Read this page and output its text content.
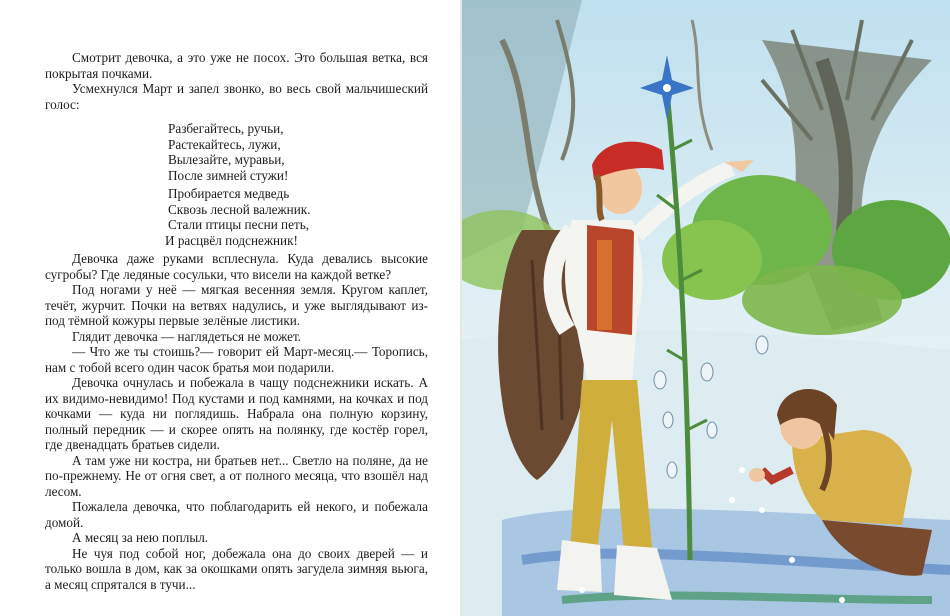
Смотрит девочка, а это уже не посох. Это большая ветка, вся покрытая почками.

Усмехнулся Март и запел звонко, во весь свой мальчишеский голос:

Разбегайтесь, ручьи,
Растекайтесь, лужи,
Вылезайте, муравьи,
После зимней стужи!
Пробирается медведь
Сквозь лесной валежник.
Стали птицы песни петь,
И расцвёл подснежник!

Девочка даже руками всплеснула. Куда девались высокие сугробы? Где ледяные сосульки, что висели на каждой ветке?

Под ногами у неё — мягкая весенняя земля. Кругом каплет, течёт, журчит. Почки на ветвях надулись, и уже выглядывают из-под тёмной кожуры первые зелёные листики.

Глядит девочка — наглядеться не может.

— Что же ты стоишь?— говорит ей Март-месяц.— Торопись, нам с тобой всего один часок братья мои подарили.

Девочка очнулась и побежала в чащу подснежники искать. А их видимо-невидимо! Под кустами и под камнями, на кочках и под кочками — куда ни поглядишь. Набрала она полную корзину, полный передник — и скорее опять на полянку, где костёр горел, где двенадцать братьев сидели.

А там уже ни костра, ни братьев нет... Светло на поляне, да не по-прежнему. Не от огня свет, а от полного месяца, что взошёл над лесом.

Пожалела девочка, что поблагодарить ей некого, и побежала домой.

А месяц за нею поплыл.

Не чуя под собой ног, добежала она до своих дверей — и только вошла в дом, как за окошками опять загудела зимняя вьюга, а месяц спрятался в тучи...
